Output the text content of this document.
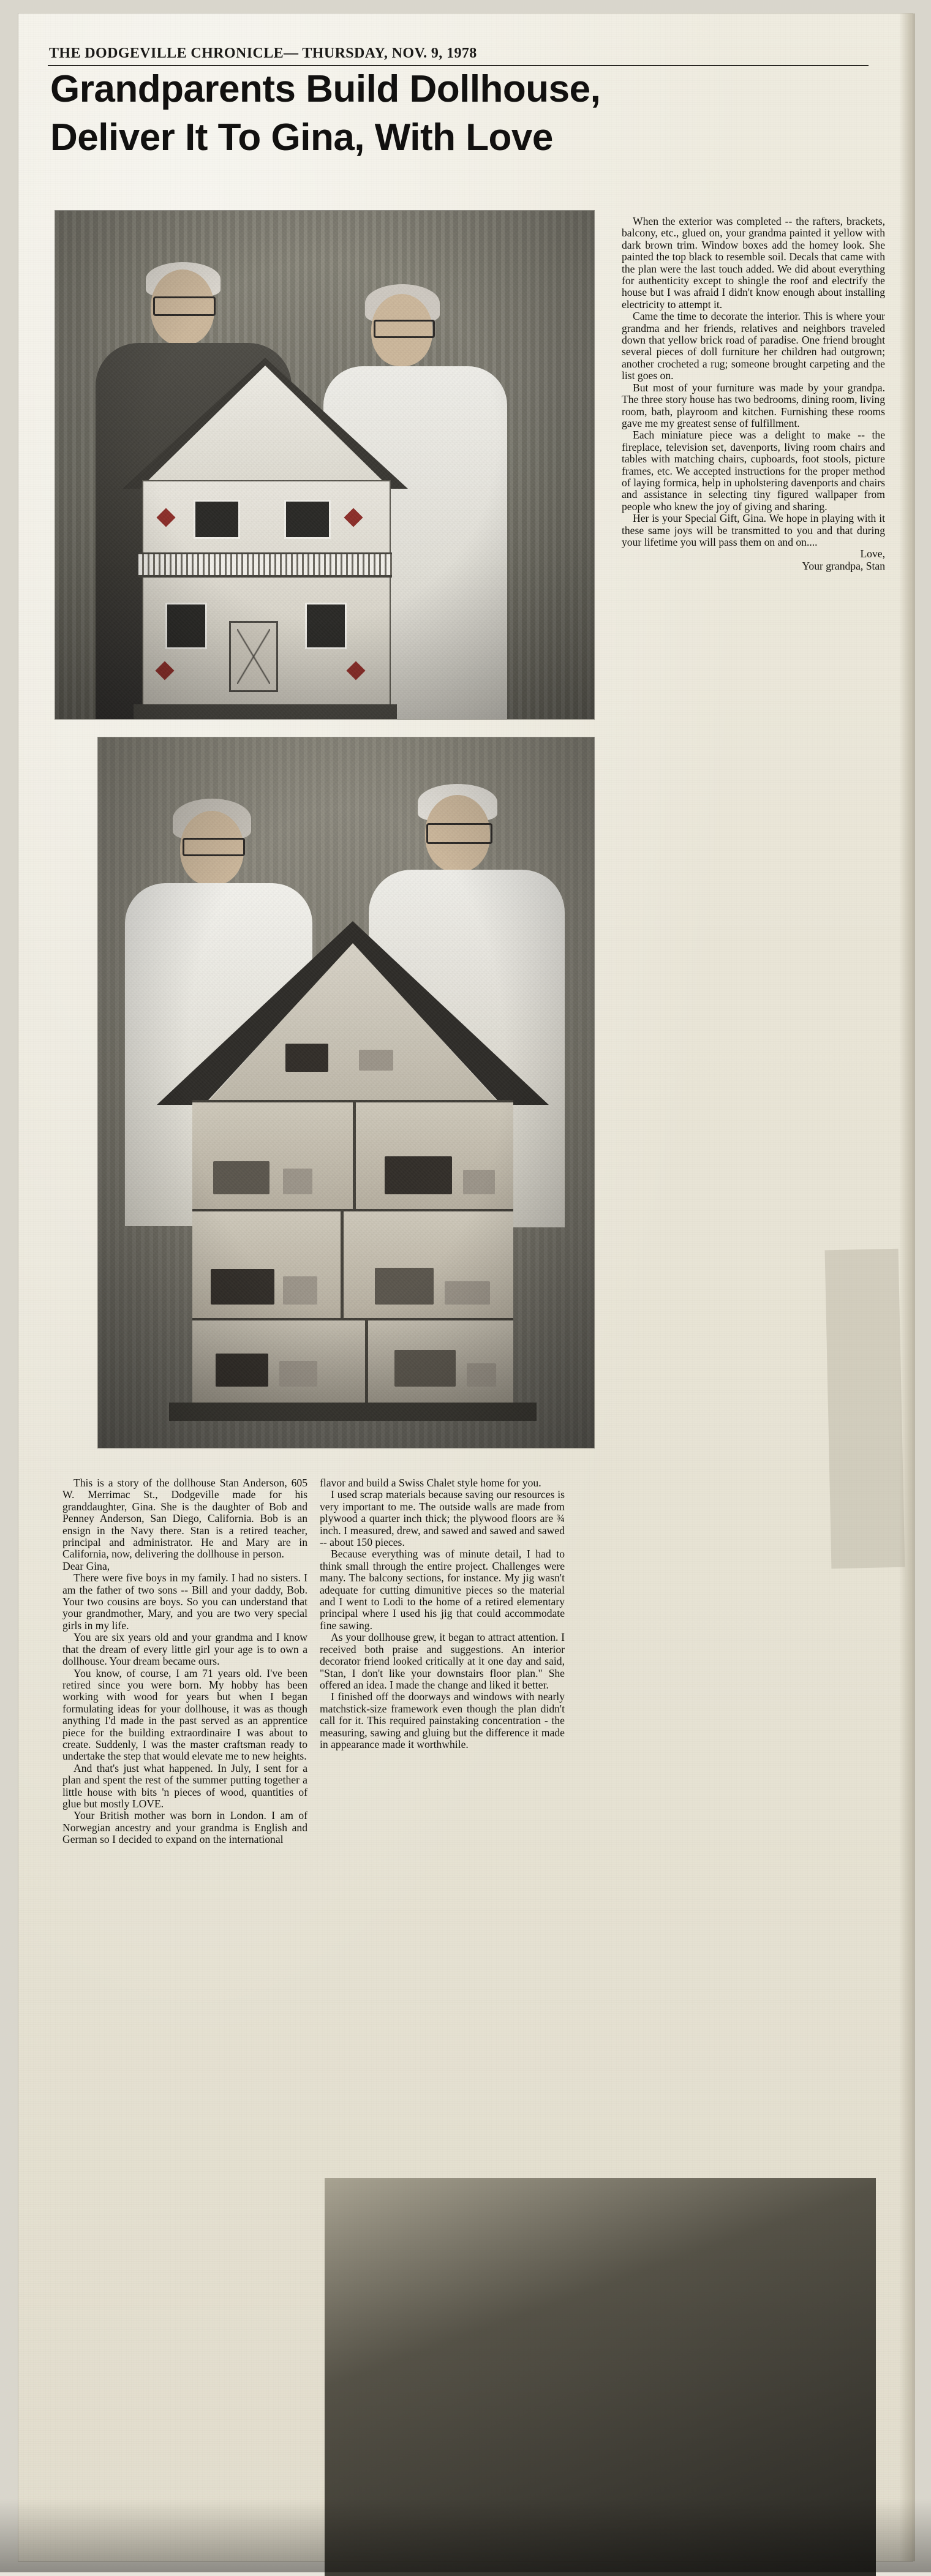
THE DODGEVILLE CHRONICLE— THURSDAY, NOV. 9, 1978
Grandparents Build Dollhouse,
Deliver It To Gina, With Love

When the exterior was completed -- the rafters, brackets, balcony, etc., glued on, your grandma painted it yellow with dark brown trim. Window boxes add the homey look. She painted the top black to resemble soil. Decals that came with the plan were the last touch added. We did about everything for authenticity except to shingle the roof and electrify the house but I was afraid I didn't know enough about installing electricity to attempt it.

Came the time to decorate the interior. This is where your grandma and her friends, relatives and neighbors traveled down that yellow brick road of paradise. One friend brought several pieces of doll furniture her children had outgrown; another crocheted a rug; someone brought carpeting and the list goes on.

But most of your furniture was made by your grandpa. The three story house has two bedrooms, dining room, living room, bath, playroom and kitchen. Furnishing these rooms gave me my greatest sense of fulfillment.

Each miniature piece was a delight to make -- the fireplace, television set, davenports, living room chairs and tables with matching chairs, cupboards, foot stools, picture frames, etc. We accepted instructions for the proper method of laying formica, help in upholstering davenports and chairs and assistance in selecting tiny figured wallpaper from people who knew the joy of giving and sharing.

Her is your Special Gift, Gina. We hope in playing with it these same joys will be transmitted to you and that during your lifetime you will pass them on and on....

Love,

Your grandpa, Stan

This is a story of the dollhouse Stan Anderson, 605 W. Merrimac St., Dodgeville made for his granddaughter, Gina. She is the daughter of Bob and Penney Anderson, San Diego, California. Bob is an ensign in the Navy there. Stan is a retired teacher, principal and administrator. He and Mary are in California, now, delivering the dollhouse in person.

Dear Gina,

There were five boys in my family. I had no sisters. I am the father of two sons -- Bill and your daddy, Bob. Your two cousins are boys. So you can understand that your grandmother, Mary, and you are two very special girls in my life.

You are six years old and your grandma and I know that the dream of every little girl your age is to own a dollhouse. Your dream became ours.

You know, of course, I am 71 years old. I've been retired since you were born. My hobby has been working with wood for years but when I began formulating ideas for your dollhouse, it was as though anything I'd made in the past served as an apprentice piece for the building extraordinaire I was about to create. Suddenly, I was the master craftsman ready to undertake the step that would elevate me to new heights.

And that's just what happened. In July, I sent for a plan and spent the rest of the summer putting together a little house with bits 'n pieces of wood, quantities of glue but mostly LOVE.

Your British mother was born in London. I am of Norwegian ancestry and your grandma is English and German so I decided to expand on the international

flavor and build a Swiss Chalet style home for you.

I used scrap materials because saving our resources is very important to me. The outside walls are made from plywood a quarter inch thick; the plywood floors are ¾ inch. I measured, drew, and sawed and sawed and sawed -- about 150 pieces.

Because everything was of minute detail, I had to think small through the entire project. Challenges were many. The balcony sections, for instance. My jig wasn't adequate for cutting dimunitive pieces so the material and I went to Lodi to the home of a retired elementary principal where I used his jig that could accommodate fine sawing.

As your dollhouse grew, it began to attract attention. I received both praise and suggestions. An interior decorator friend looked critically at it one day and said, "Stan, I don't like your downstairs floor plan." She offered an idea. I made the change and liked it better.

I finished off the doorways and windows with nearly matchstick-size framework even though the plan didn't call for it. This required painstaking concentration - the measuring, sawing and gluing but the difference it made in appearance made it worthwhile.
